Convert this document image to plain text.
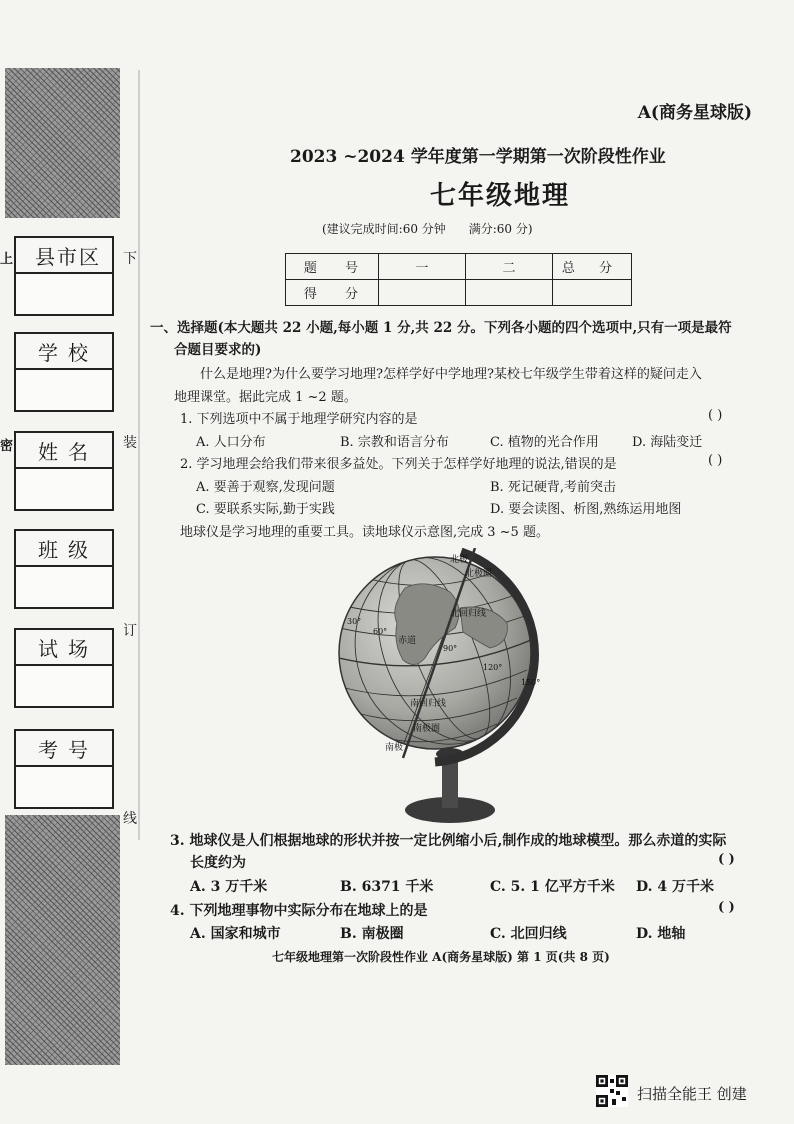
上
密
县市区
学校
姓名
班级
试场
考号
下
装
订
线
A(商务星球版)
2023 ~2024 学年度第一学期第一次阶段性作业
七年级地理
(建议完成时间:60 分钟      满分:60 分)
题 号	一	二	总 分
得 分			
一、选择题(本大题共 22 小题,每小题 1 分,共 22 分。下列各小题的四个选项中,只有一项是最符
合题目要求的)
什么是地理?为什么要学习地理?怎样学好中学地理?某校七年级学生带着这样的疑问走入
地理课堂。据此完成 1 ~2 题。
1. 下列选项中不属于地理学研究内容的是	( )
A. 人口分布	B. 宗教和语言分布	C. 植物的光合作用	D. 海陆变迁
2. 学习地理会给我们带来很多益处。下列关于怎样学好地理的说法,错误的是	( )
A. 要善于观察,发现问题	B. 死记硬背,考前突击
C. 要联系实际,勤于实践	D. 要会读图、析图,熟练运用地图
地球仪是学习地理的重要工具。读地球仪示意图,完成 3 ~5 题。
北极
北极圈
北回归线
30°
60°
赤道
90°
120°
150°
南回归线
南极圈
南极
3. 地球仪是人们根据地球的形状并按一定比例缩小后,制作成的地球模型。那么赤道的实际
长度约为	( )
A. 3 万千米	B. 6371 千米	C. 5. 1 亿平方千米 D. 4 万千米
4. 下列地理事物中实际分布在地球上的是	( )
A. 国家和城市	B. 南极圈	C. 北回归线	D. 地轴
七年级地理第一次阶段性作业 A(商务星球版) 第 1 页(共 8 页)
扫描全能王 创建
